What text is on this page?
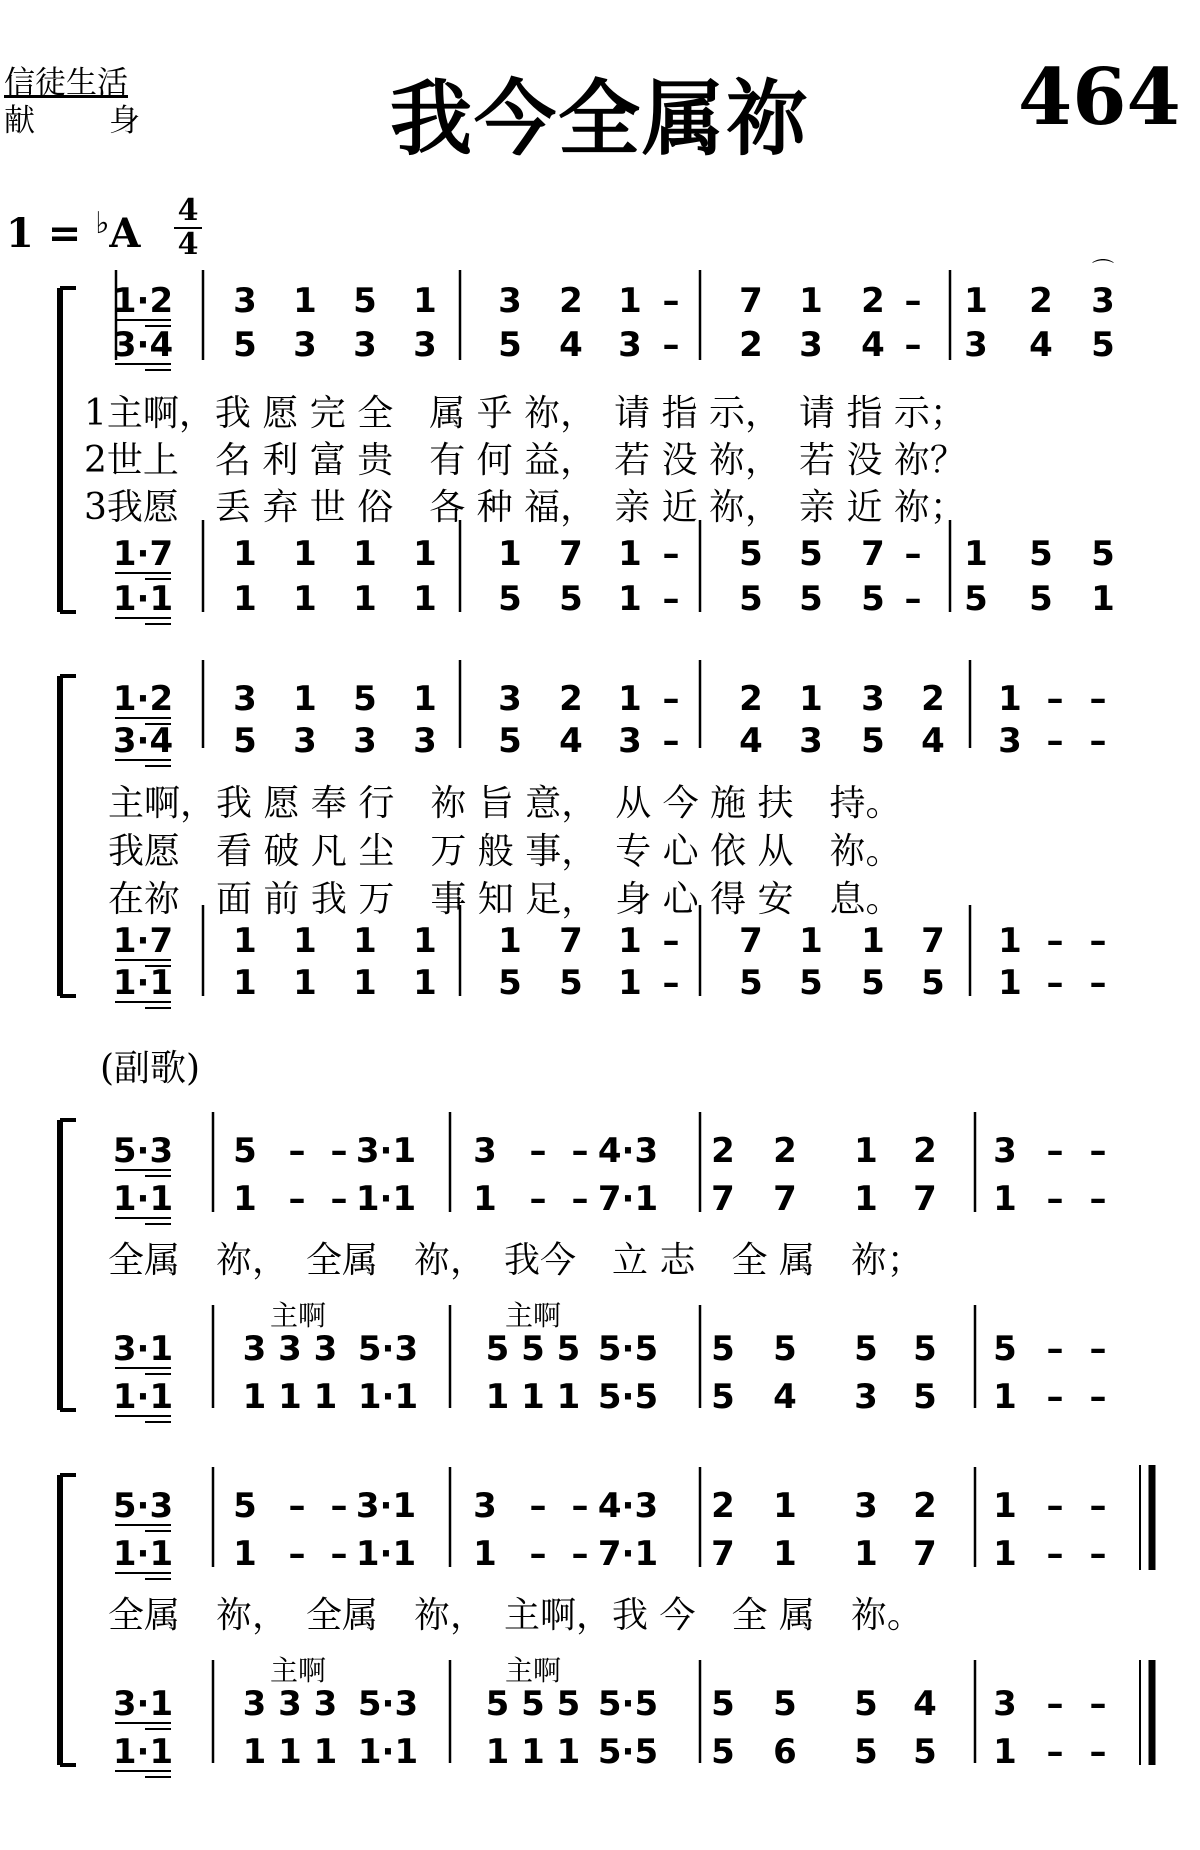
信徒生活
献　　身	我今全属祢	464
1 = ♭A 4
4
1·2 3 1 5 1 3 2 1 – 7 1 2 – 1 2 3
3·4 5 3 3 3 5 4 3 – 2 3 4 – 3 4 5
1主啊，我 愿 完 全　属 乎 祢，　请 指 示，　请 指 示；
2世上　名 利 富 贵　有 何 益，　若 没 祢，　若 没 祢？
3我愿　丢 弃 世 俗　各 种 福，　亲 近 祢，　亲 近 祢；
1·7 1 1 1 1 1 7 1 – 5 5 7 – 1 5 5
1·1 1 1 1 1 5 5 1 – 5 5 5 – 5 5 1
⌒
1·2 3 1 5 1 3 2 1 – 2 1 3 2 1 – –
3·4 5 3 3 3 5 4 3 – 4 3 5 4 3 – –
主啊，我 愿 奉 行　祢 旨 意，　从 今 施 扶　持。
我愿　看 破 凡 尘　万 般 事，　专 心 依 从　祢。
在祢　面 前 我 万　事 知 足，　身 心 得 安　息。
1·7 1 1 1 1 1 7 1 – 7 1 1 7 1 – –
1·1 1 1 1 1 5 5 1 – 5 5 5 5 1 – –
(副歌)
5·3 5 – – 3·1 3 – – 4·3 2 2 1 2 3 – –
1·1 1 – – 1·1 1 – – 7·1 7 7 1 7 1 – –
全属　祢，　全属　祢，　我今　立 志　全 属　祢；
主啊	主啊
3·1 3 3 3 5·3 5 5 5 5·5 5 5 5 5 5 – –
1·1 1 1 1 1·1 1 1 1 5·5 5 4 3 5 1 – –
5·3 5 – – 3·1 3 – – 4·3 2 1 3 2 1 – –
1·1 1 – – 1·1 1 – – 7·1 7 1 1 7 1 – –
全属　祢，　全属　祢，　主啊，我 今　全 属　祢。
主啊	主啊
3·1 3 3 3 5·3 5 5 5 5·5 5 5 5 4 3 – –
1·1 1 1 1 1·1 1 1 1 5·5 5 6 5 5 1 – –
